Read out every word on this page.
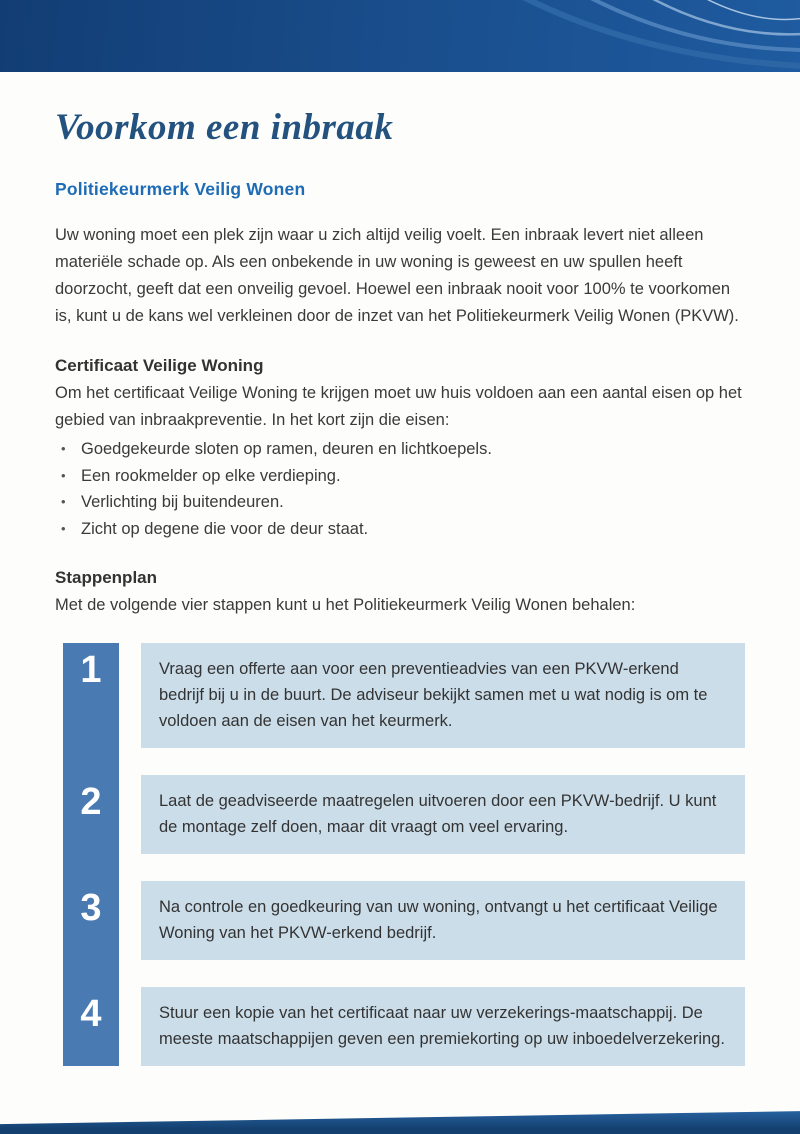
Voorkom een inbraak
Politiekeurmerk Veilig Wonen

Uw woning moet een plek zijn waar u zich altijd veilig voelt. Een inbraak levert niet alleen materiële schade op. Als een onbekende in uw woning is geweest en uw spullen heeft doorzocht, geeft dat een onveilig gevoel. Hoewel een inbraak nooit voor 100% te voorkomen is, kunt u de kans wel verkleinen door de inzet van het Politiekeurmerk Veilig Wonen (PKVW).

Certificaat Veilige Woning

Om het certificaat Veilige Woning te krijgen moet uw huis voldoen aan een aantal eisen op het gebied van inbraakpreventie. In het kort zijn die eisen:

• Goedgekeurde sloten op ramen, deuren en lichtkoepels.
• Een rookmelder op elke verdieping.
• Verlichting bij buitendeuren.
• Zicht op degene die voor de deur staat.
Stappenplan

Met de volgende vier stappen kunt u het Politiekeurmerk Veilig Wonen behalen:

1	Vraag een offerte aan voor een preventieadvies van een PKVW-erkend bedrijf bij u in de buurt. De adviseur bekijkt samen met u wat nodig is om te voldoen aan de eisen van het keurmerk.
2	Laat de geadviseerde maatregelen uitvoeren door een PKVW-bedrijf. U kunt de montage zelf doen, maar dit vraagt om veel ervaring.
3	Na controle en goedkeuring van uw woning, ontvangt u het certificaat Veilige Woning van het PKVW-erkend bedrijf.
4	Stuur een kopie van het certificaat naar uw verzekerings-maatschappij. De meeste maatschappijen geven een premiekorting op uw inboedelverzekering.
